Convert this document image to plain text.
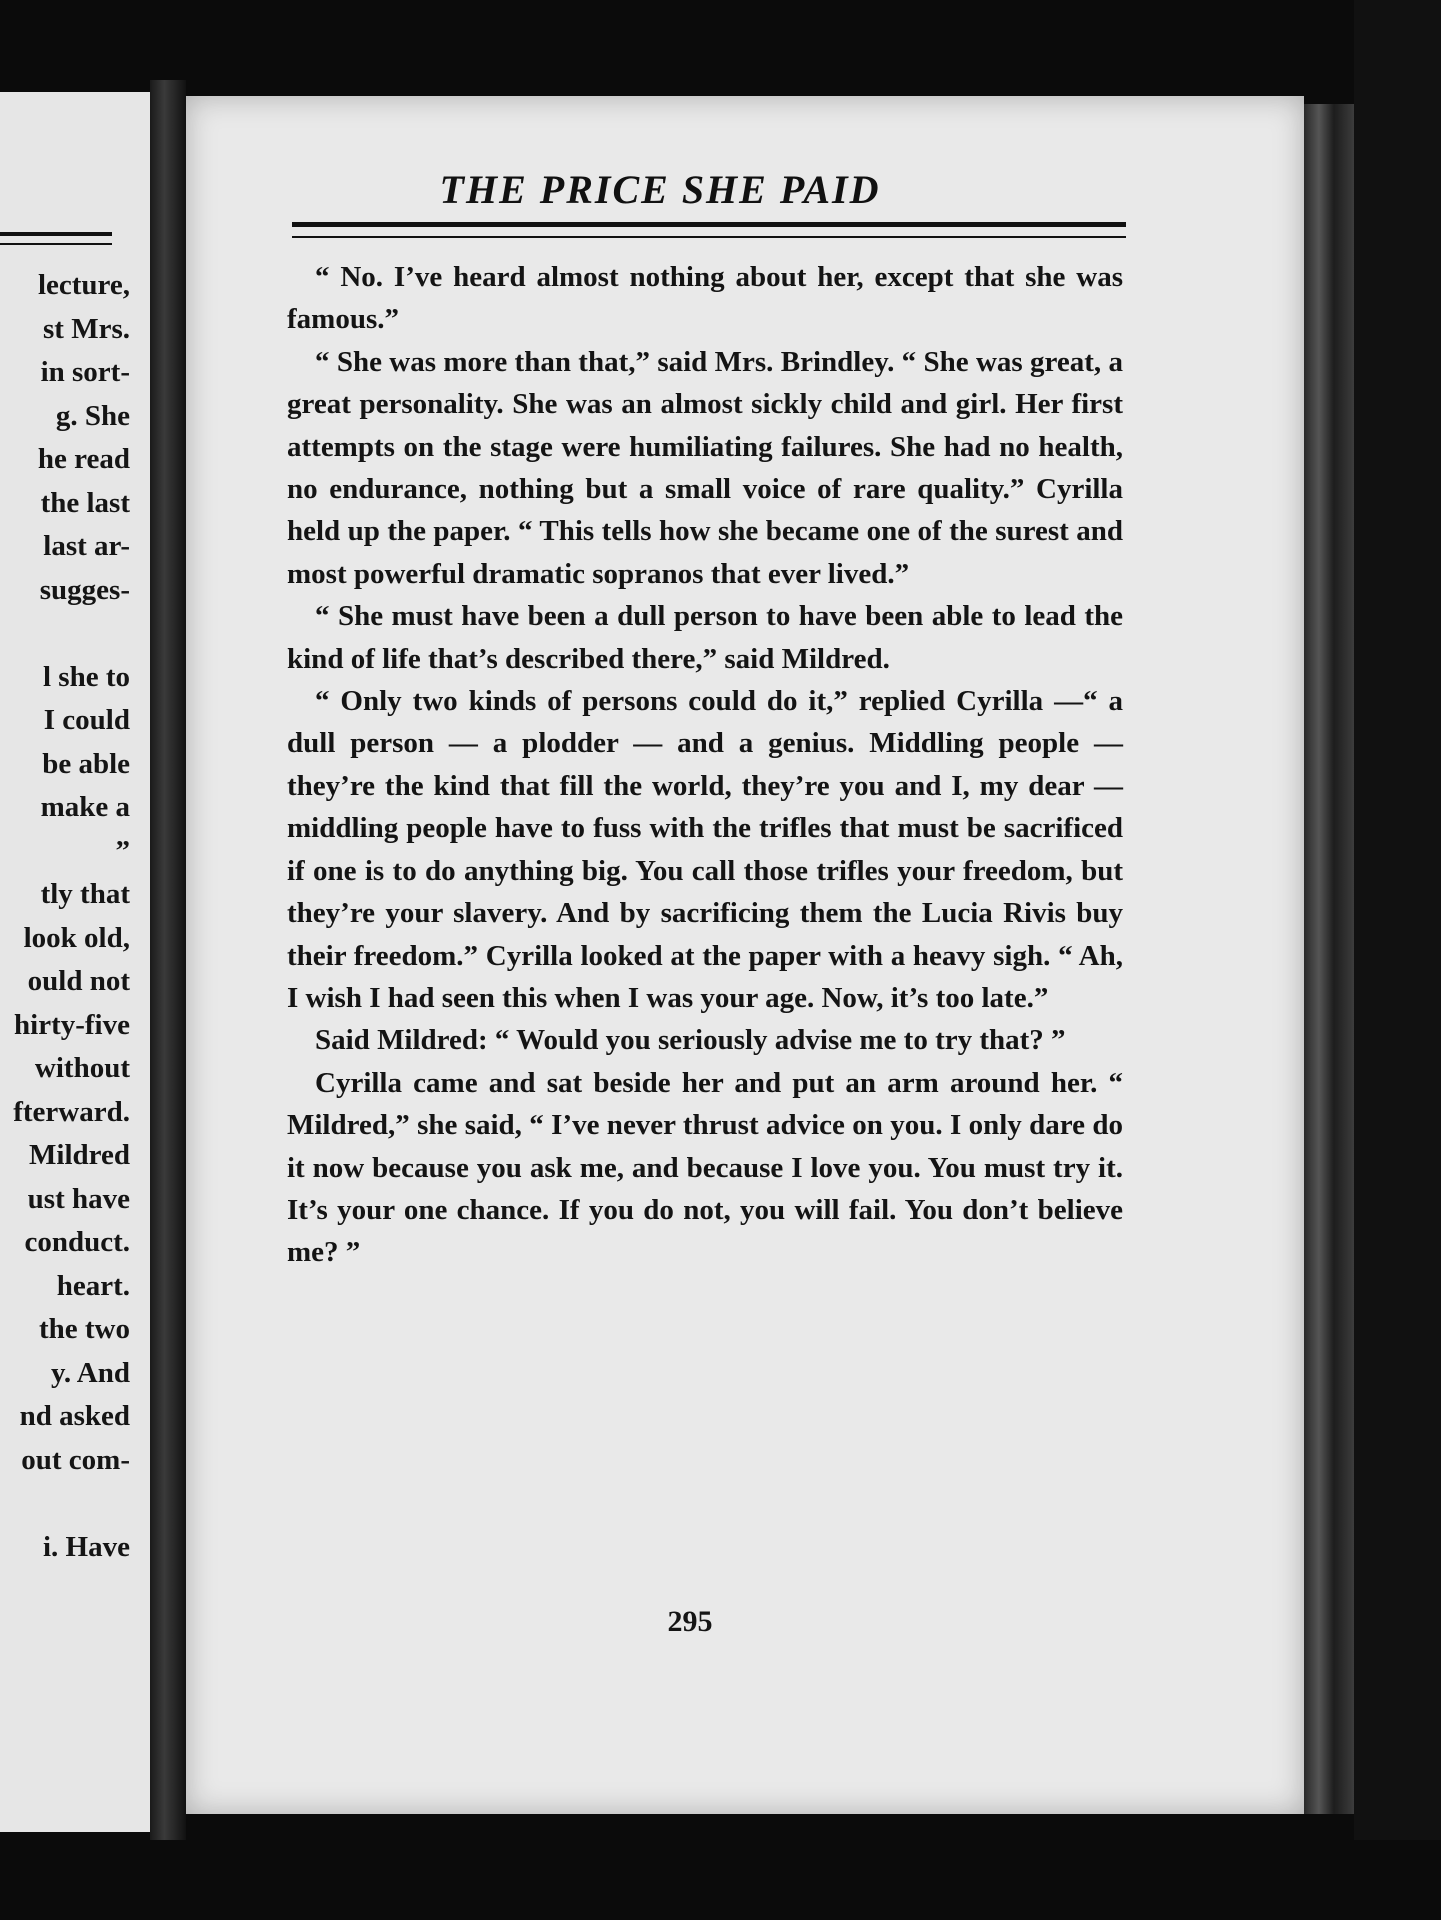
lecture,
st Mrs.
in sort-
g. She
he read
the last
last ar-
sugges-
l she to
I could
be able
make a
”
tly that
look old,
ould not
hirty-five
without
fterward.
Mildred
ust have
conduct.
heart.
the two
y. And
nd asked
out com-
i. Have
THE PRICE SHE PAID

“ No. I’ve heard almost nothing about her, except that she was famous.”

“ She was more than that,” said Mrs. Brindley. “ She was great, a great personality. She was an almost sickly child and girl. Her first attempts on the stage were humiliating failures. She had no health, no endurance, nothing but a small voice of rare quality.” Cyrilla held up the paper. “ This tells how she became one of the surest and most powerful dramatic sopranos that ever lived.”

“ She must have been a dull person to have been able to lead the kind of life that’s described there,” said Mildred.

“ Only two kinds of persons could do it,” replied Cyrilla —“ a dull person — a plodder — and a genius. Middling people — they’re the kind that fill the world, they’re you and I, my dear — middling people have to fuss with the trifles that must be sacrificed if one is to do anything big. You call those trifles your freedom, but they’re your slavery. And by sacrificing them the Lucia Rivis buy their freedom.” Cyrilla looked at the paper with a heavy sigh. “ Ah, I wish I had seen this when I was your age. Now, it’s too late.”

Said Mildred: “ Would you seriously advise me to try that? ”

Cyrilla came and sat beside her and put an arm around her. “ Mildred,” she said, “ I’ve never thrust advice on you. I only dare do it now because you ask me, and because I love you. You must try it. It’s your one chance. If you do not, you will fail. You don’t believe me? ”

295
